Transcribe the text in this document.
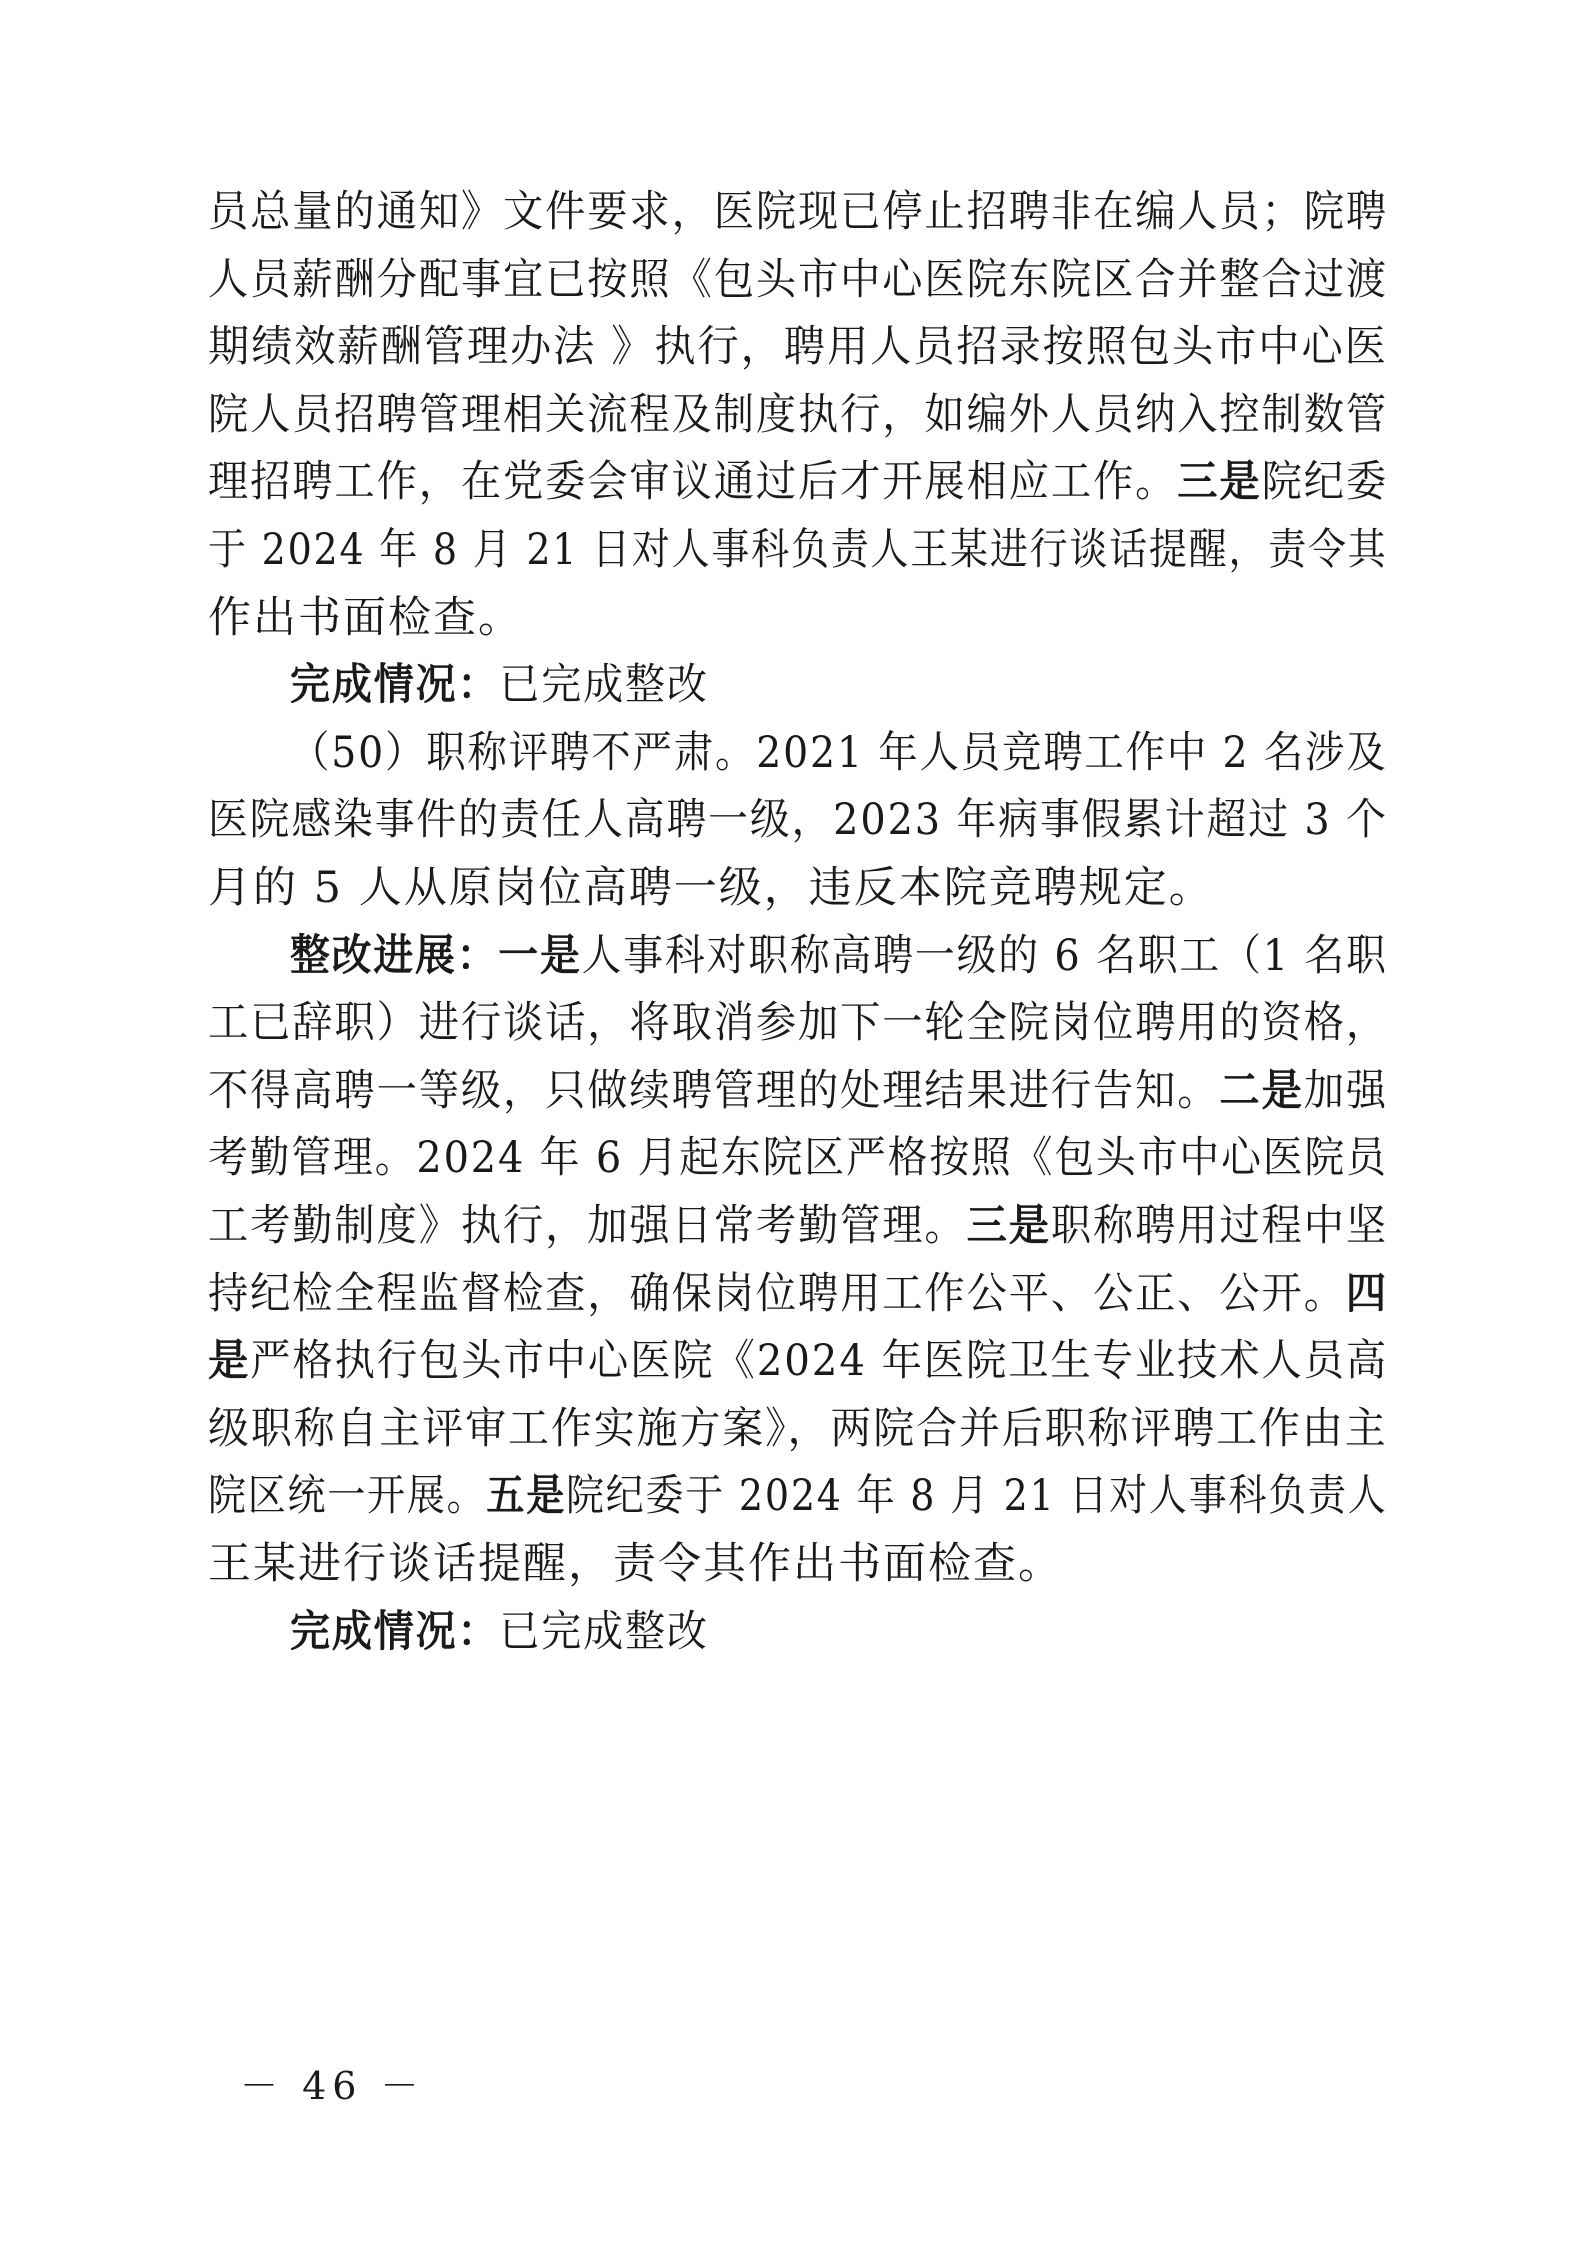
员总量的通知》文件要求，医院现已停止招聘非在编人员；院聘
人员薪酬分配事宜已按照《包头市中心医院东院区合并整合过渡
期绩效薪酬管理办法 》执行，聘用人员招录按照包头市中心医
院人员招聘管理相关流程及制度执行，如编外人员纳入控制数管
理招聘工作，在党委会审议通过后才开展相应工作。三是院纪委
于 2024 年 8 月 21 日对人事科负责人王某进行谈话提醒，责令其
作出书面检查。
完成情况：已完成整改
（50）职称评聘不严肃。2021 年人员竞聘工作中 2 名涉及
医院感染事件的责任人高聘一级，2023 年病事假累计超过 3 个
月的 5 人从原岗位高聘一级，违反本院竞聘规定。
整改进展：一是人事科对职称高聘一级的 6 名职工（1 名职
工已辞职）进行谈话，将取消参加下一轮全院岗位聘用的资格，
不得高聘一等级，只做续聘管理的处理结果进行告知。二是加强
考勤管理。2024 年 6 月起东院区严格按照《包头市中心医院员
工考勤制度》执行，加强日常考勤管理。三是职称聘用过程中坚
持纪检全程监督检查，确保岗位聘用工作公平、公正、公开。四
是严格执行包头市中心医院《2024 年医院卫生专业技术人员高
级职称自主评审工作实施方案》，两院合并后职称评聘工作由主
院区统一开展。五是院纪委于 2024 年 8 月 21 日对人事科负责人
王某进行谈话提醒，责令其作出书面检查。
完成情况：已完成整改
－ 46 －
